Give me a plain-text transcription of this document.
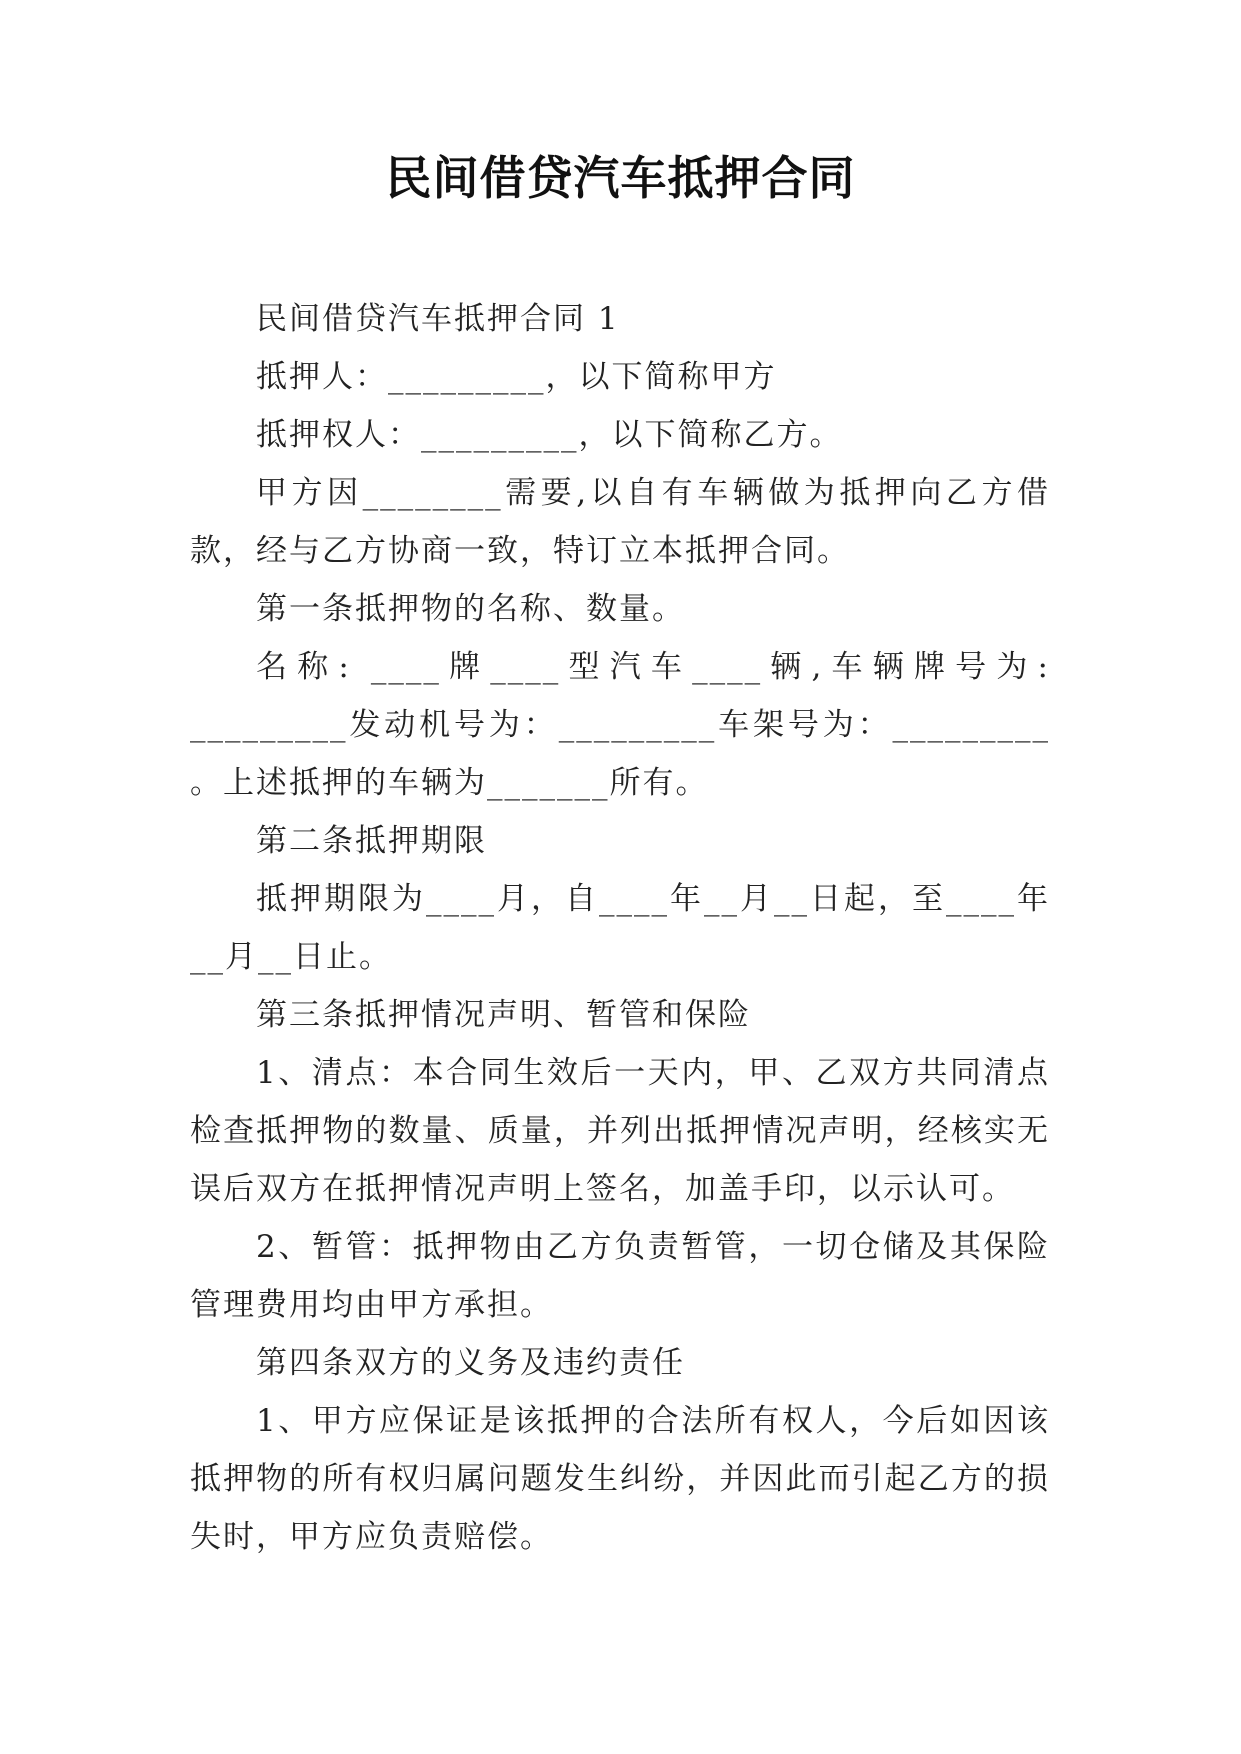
民间借贷汽车抵押合同

民间借贷汽车抵押合同 1

抵押人：_________，以下简称甲方

抵押权人：_________，以下简称乙方。

甲方因________需要,以自有车辆做为抵押向乙方借款，经与乙方协商一致，特订立本抵押合同。

第一条抵押物的名称、数量。

名称: ____牌____型汽车____辆,车辆牌号为: _________发动机号为：_________车架号为：_________ 。上述抵押的车辆为_______所有。

第二条抵押期限

抵押期限为____月，自____年__月__日起，至____年__月__日止。

第三条抵押情况声明、暂管和保险

1、清点：本合同生效后一天内，甲、乙双方共同清点检查抵押物的数量、质量，并列出抵押情况声明，经核实无误后双方在抵押情况声明上签名，加盖手印，以示认可。

2、暂管：抵押物由乙方负责暂管，一切仓储及其保险管理费用均由甲方承担。

第四条双方的义务及违约责任

1、甲方应保证是该抵押的合法所有权人，今后如因该抵押物的所有权归属问题发生纠纷，并因此而引起乙方的损失时，甲方应负责赔偿。
